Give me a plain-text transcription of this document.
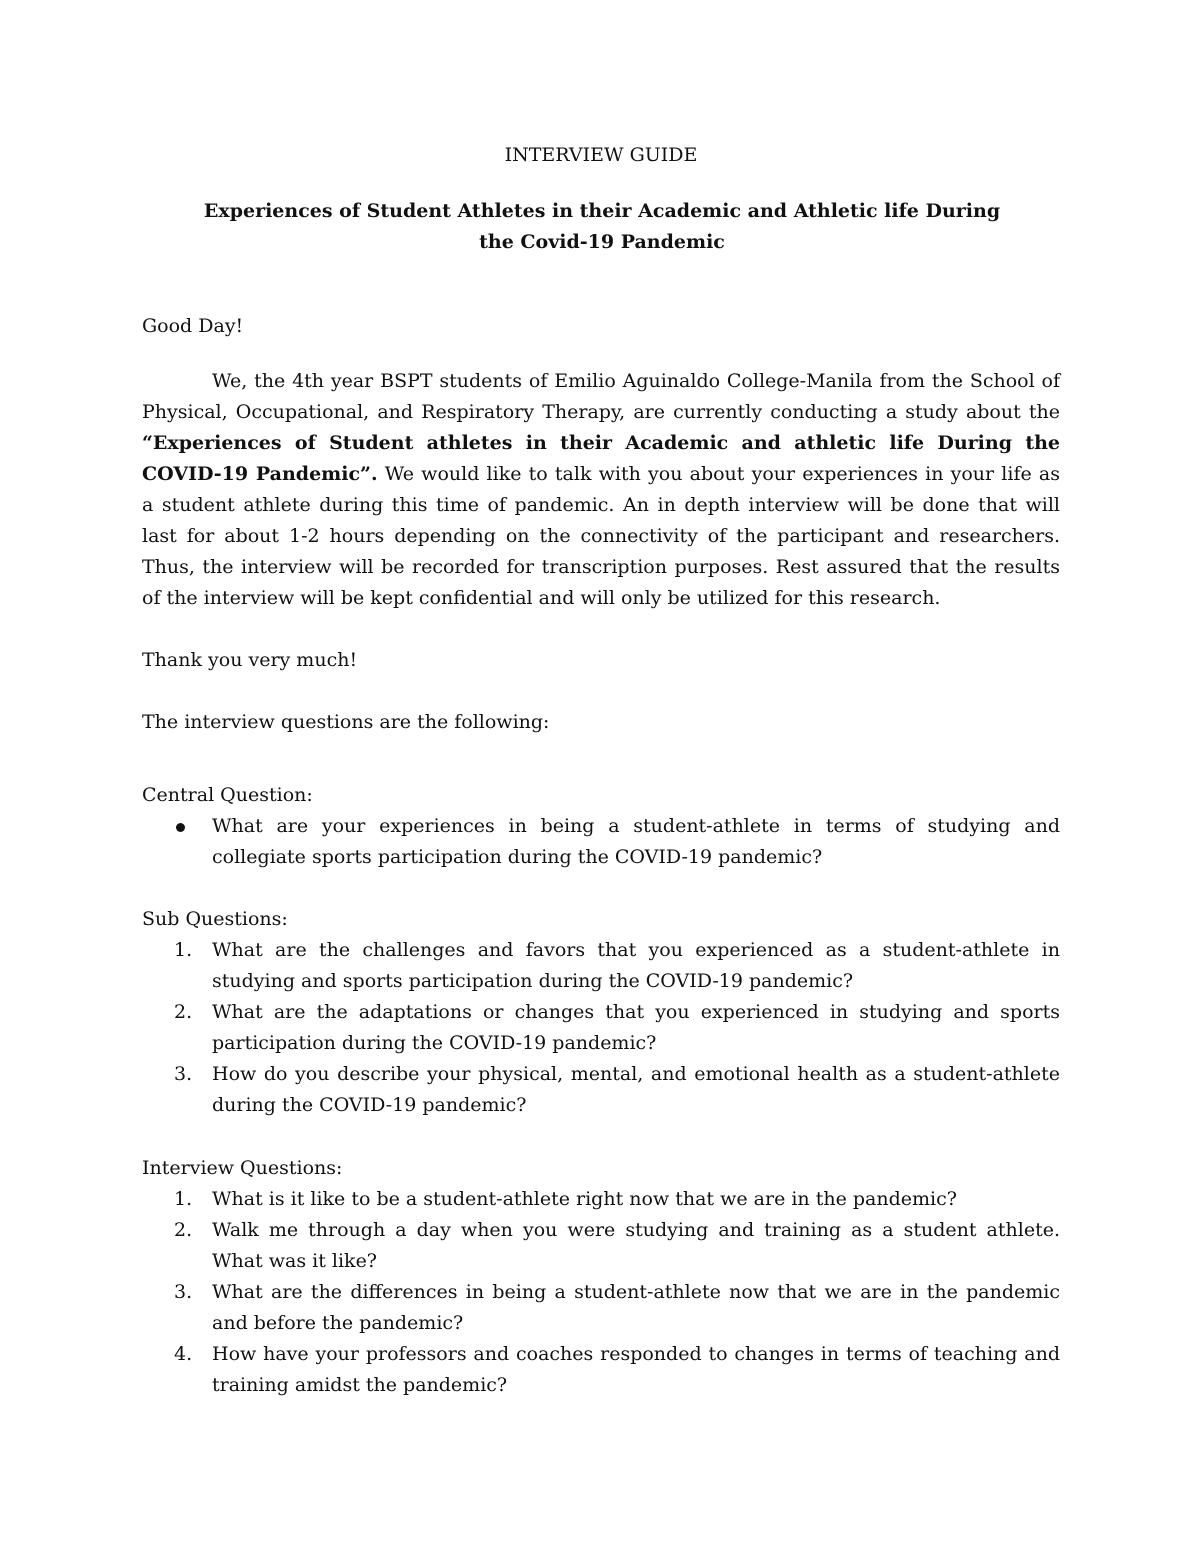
INTERVIEW GUIDE
Experiences of Student Athletes in their Academic and Athletic life During the Covid-19 Pandemic
Good Day!

We, the 4th year BSPT students of Emilio Aguinaldo College-Manila from the School of Physical, Occupational, and Respiratory Therapy, are currently conducting a study about the “Experiences of Student athletes in their Academic and athletic life During the COVID-19 Pandemic”. We would like to talk with you about your experiences in your life as a student athlete during this time of pandemic. An in depth interview will be done that will last for about 1-2 hours depending on the connectivity of the participant and researchers. Thus, the interview will be recorded for transcription purposes. Rest assured that the results of the interview will be kept confidential and will only be utilized for this research.

Thank you very much!
The interview questions are the following:
Central Question:
What are your experiences in being a student-athlete in terms of studying and collegiate sports participation during the COVID-19 pandemic?
Sub Questions:
1. What are the challenges and favors that you experienced as a student-athlete in studying and sports participation during the COVID-19 pandemic?
2. What are the adaptations or changes that you experienced in studying and sports participation during the COVID-19 pandemic?
3. How do you describe your physical, mental, and emotional health as a student-athlete during the COVID-19 pandemic?
Interview Questions:
1. What is it like to be a student-athlete right now that we are in the pandemic?
2. Walk me through a day when you were studying and training as a student athlete. What was it like?
3. What are the differences in being a student-athlete now that we are in the pandemic and before the pandemic?
4. How have your professors and coaches responded to changes in terms of teaching and training amidst the pandemic?
